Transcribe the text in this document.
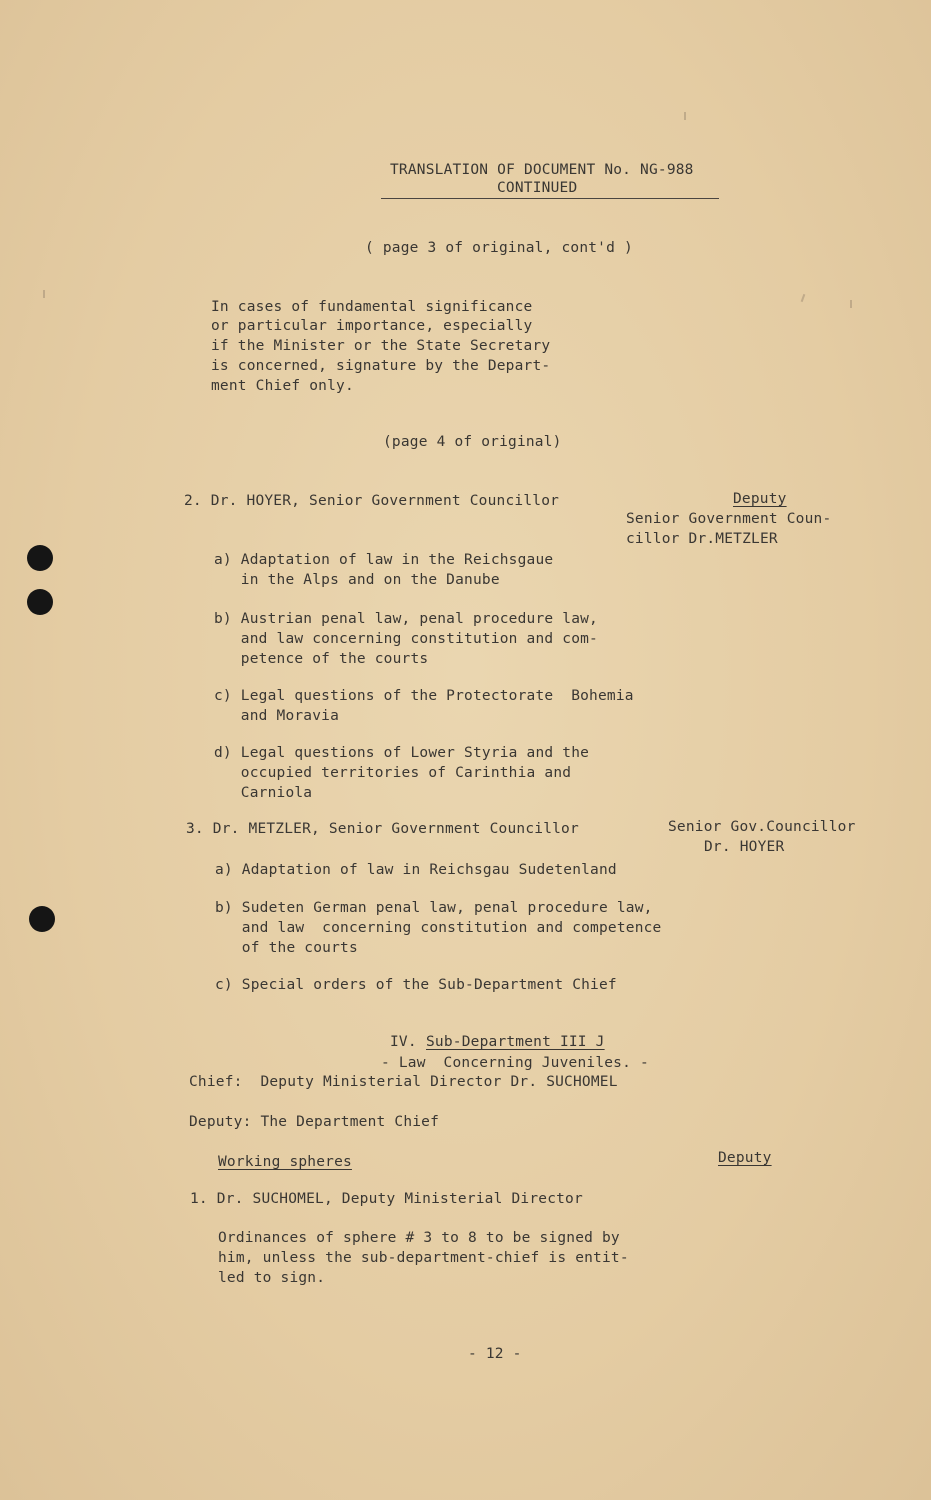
TRANSLATION OF DOCUMENT No. NG-988
CONTINUED
( page 3 of original, cont'd )
In cases of fundamental significance
or particular importance, especially
if the Minister or the State Secretary
is concerned, signature by the Depart-
ment Chief only.
(page 4 of original)
2. Dr. HOYER, Senior Government Councillor	Deputy
Senior Government Coun-
cillor Dr.METZLER
a) Adaptation of law in the Reichsgaue
in the Alps and on the Danube
b) Austrian penal law, penal procedure law,
and law concerning constitution and com-
petence of the courts
c) Legal questions of the Protectorate  Bohemia
and Moravia
d) Legal questions of Lower Styria and the
occupied territories of Carinthia and
Carniola
3. Dr. METZLER, Senior Government Councillor	Senior Gov.Councillor
Dr. HOYER
a) Adaptation of law in Reichsgau Sudetenland
b) Sudeten German penal law, penal procedure law,
and law  concerning constitution and competence
of the courts
c) Special orders of the Sub-Department Chief
IV. Sub-Department III J
- Law  Concerning Juveniles. -
Chief:  Deputy Ministerial Director Dr. SUCHOMEL
Deputy: The Department Chief
Working spheres	Deputy
1. Dr. SUCHOMEL, Deputy Ministerial Director
Ordinances of sphere # 3 to 8 to be signed by
him, unless the sub-department-chief is entit-
led to sign.
- 12 -
